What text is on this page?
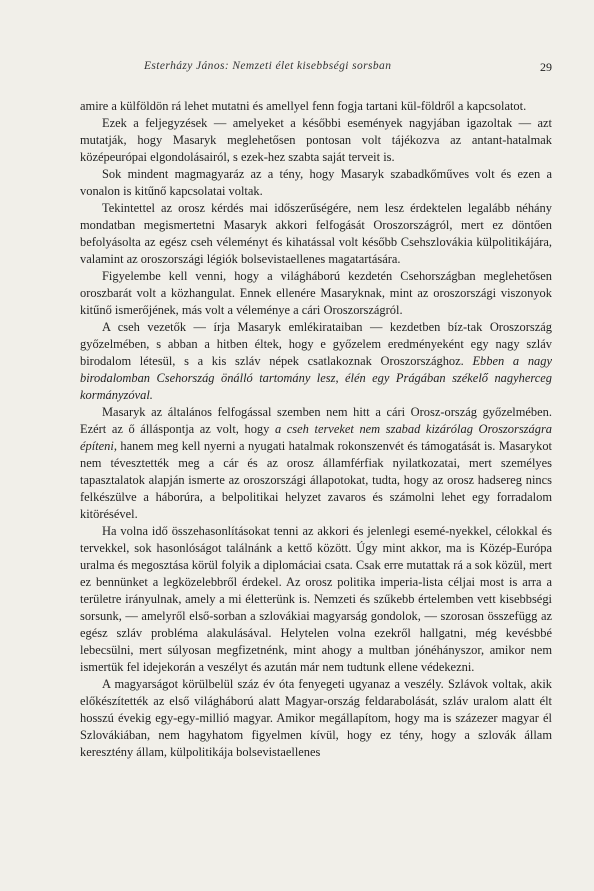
Esterházy János: Nemzeti élet kisebbségi sorsban	29

amire a külföldön rá lehet mutatni és amellyel fenn fogja tartani kül-földről a kapcsolatot.

Ezek a feljegyzések — amelyeket a későbbi események nagyjában igazoltak — azt mutatják, hogy Masaryk meglehetősen pontosan volt tájékozva az antant-hatalmak középeurópai elgondolásairól, s ezek-hez szabta saját terveit is.

Sok mindent magmagyaráz az a tény, hogy Masaryk szabadkőműves volt és ezen a vonalon is kitűnő kapcsolatai voltak.

Tekintettel az orosz kérdés mai időszerűségére, nem lesz érdektelen legalább néhány mondatban megismertetni Masaryk akkori felfogását Oroszországról, mert ez döntően befolyásolta az egész cseh véleményt és kihatással volt később Csehszlovákia külpolitikájára, valamint az oroszországi légiók bolsevistaellenes magatartására.

Figyelembe kell venni, hogy a világháború kezdetén Csehországban meglehetősen oroszbarát volt a közhangulat. Ennek ellenére Masaryknak, mint az oroszországi viszonyok kitűnő ismerőjének, más volt a véleménye a cári Oroszországról.

A cseh vezetők — írja Masaryk emlékirataiban — kezdetben bíz-tak Oroszország győzelmében, s abban a hitben éltek, hogy e győzelem eredményeként egy nagy szláv birodalom létesül, s a kis szláv népek csatlakoznak Oroszországhoz. Ebben a nagy birodalomban Csehország önálló tartomány lesz, élén egy Prágában székelő nagyherceg kormányzóval.

Masaryk az általános felfogással szemben nem hitt a cári Orosz-ország győzelmében. Ezért az ő álláspontja az volt, hogy a cseh terveket nem szabad kizárólag Oroszországra építeni, hanem meg kell nyerni a nyugati hatalmak rokonszenvét és támogatását is. Masarykot nem tévesztették meg a cár és az orosz államférfiak nyilatkozatai, mert személyes tapasztalatok alapján ismerte az oroszországi állapotokat, tudta, hogy az orosz hadsereg nincs felkészülve a háborúra, a belpolitikai helyzet zavaros és számolni lehet egy forradalom kitörésével.

Ha volna idő összehasonlításokat tenni az akkori és jelenlegi esemé-nyekkel, célokkal és tervekkel, sok hasonlóságot találnánk a kettő között. Úgy mint akkor, ma is Közép-Európa uralma és megosztása körül folyik a diplomáciai csata. Csak erre mutattak rá a sok közül, mert ez bennünket a legközelebbről érdekel. Az orosz politika imperia-lista céljai most is arra a területre irányulnak, amely a mi életterünk is. Nemzeti és szűkebb értelemben vett kisebbségi sorsunk, — amelyről első-sorban a szlovákiai magyarság gondolok, — szorosan összefügg az egész szláv probléma alakulásával. Helytelen volna ezekről hallgatni, még kevésbbé lebecsülni, mert súlyosan megfizetnénk, mint ahogy a multban jónéhányszor, amikor nem ismertük fel idejekorán a veszélyt és azután már nem tudtunk ellene védekezni.

A magyarságot körülbelül száz év óta fenyegeti ugyanaz a veszély. Szlávok voltak, akik előkészítették az első világháború alatt Magyar-ország feldarabolását, szláv uralom alatt élt hosszú évekig egy-egy-millió magyar. Amikor megállapítom, hogy ma is százezer magyar él Szlovákiában, nem hagyhatom figyelmen kívül, hogy ez tény, hogy a szlovák állam keresztény állam, külpolitikája bolsevistaellenes
